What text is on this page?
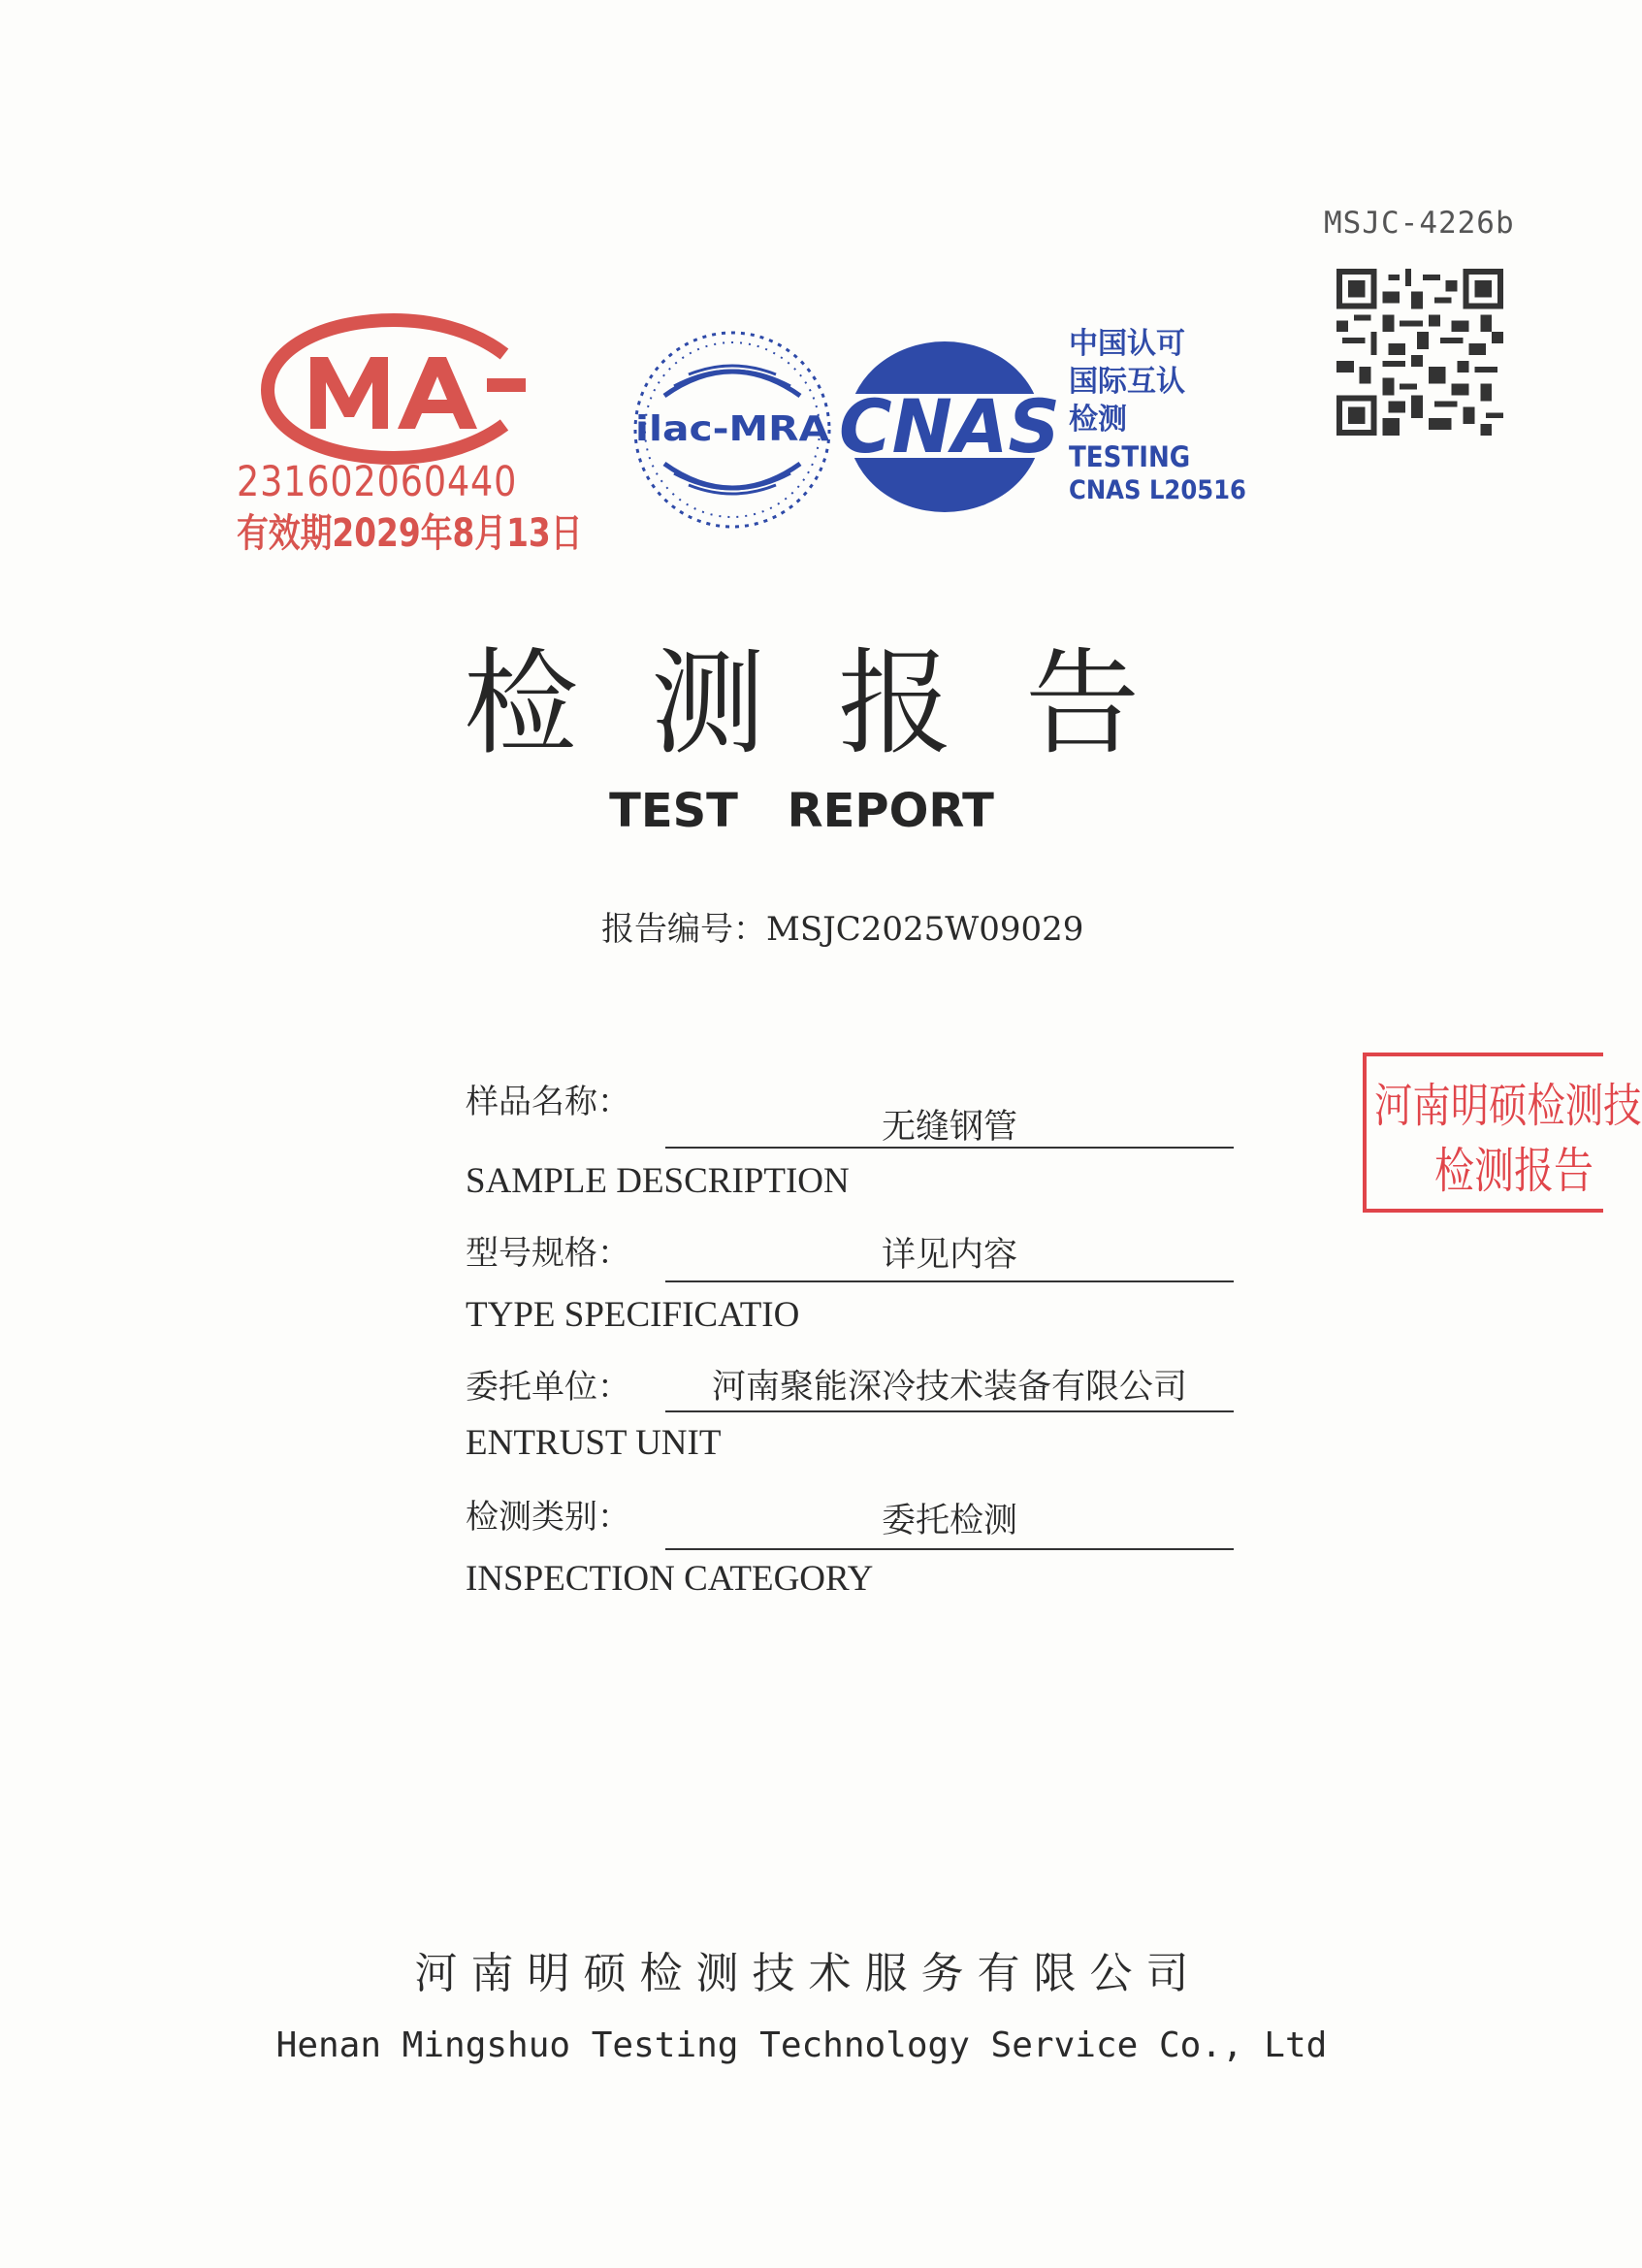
MSJC-4226b
231602060440
有效期2029年8月13日
ilac-MRA CNAS
中国认可
国际互认
检测
TESTING
CNAS L20516
检测报告
TEST REPORT
报告编号：MSJC2025W09029
样品名称：
无缝钢管
SAMPLE DESCRIPTION
型号规格：	详见内容
TYPE SPECIFICATIO
委托单位：	河南聚能深冷技术装备有限公司
ENTRUST UNIT
检测类别：	委托检测
INSPECTION CATEGORY
河南明硕检测技
检测报告
河南明硕检测技术服务有限公司
Henan Mingshuo Testing Technology Service Co., Ltd
